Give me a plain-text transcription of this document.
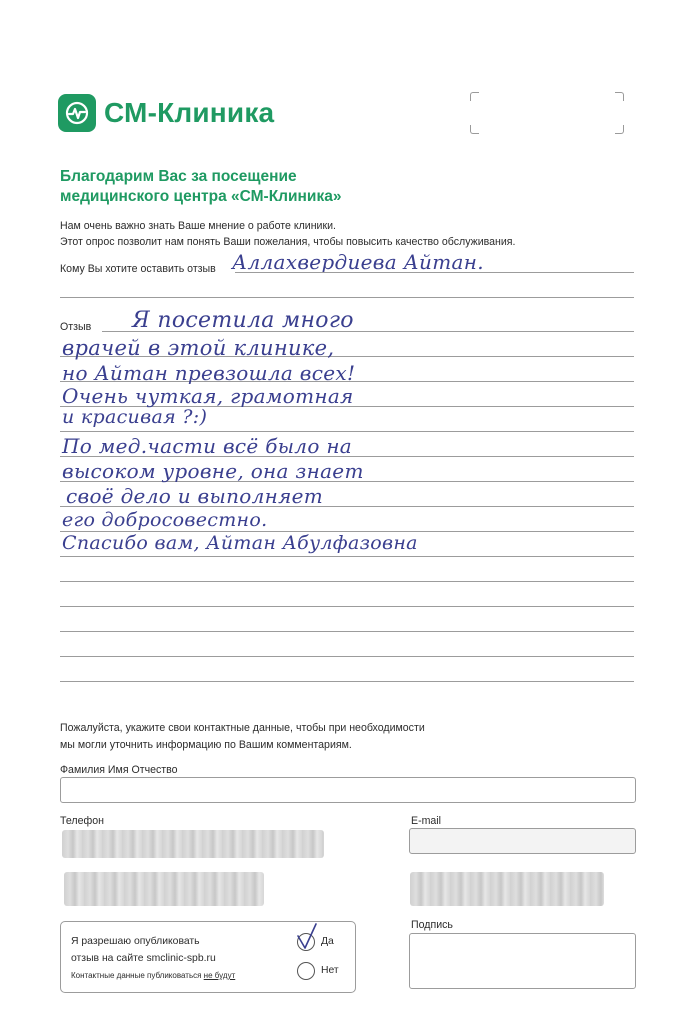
СМ-Клиника
Благодарим Вас за посещение
медицинского центра «СМ-Клиника»
Нам очень важно знать Ваше мнение о работе клиники.
Этот опрос позволит нам понять Ваши пожелания, чтобы повысить качество обслуживания.
Кому Вы хотите оставить отзыв Аллахвердиева Айтан.
Отзыв Я посетила много
врачей в этой клинике,
но Айтан превзошла всех!
Очень чуткая, грамотная
и красивая ?:)
По мед.части всё было на
высоком уровне, она знает
своё дело и выполняет
его добросовестно.
Спасибо вам, Айтан Абулфазовна
Пожалуйста, укажите свои контактные данные, чтобы при необходимости
мы могли уточнить информацию по Вашим комментариям.
Фамилия Имя Отчество
Телефон	E-mail
Я разрешаю опубликовать
отзыв на сайте smclinic-spb.ru
Контактные данные публиковаться не будут
Да
Нет
Подпись
